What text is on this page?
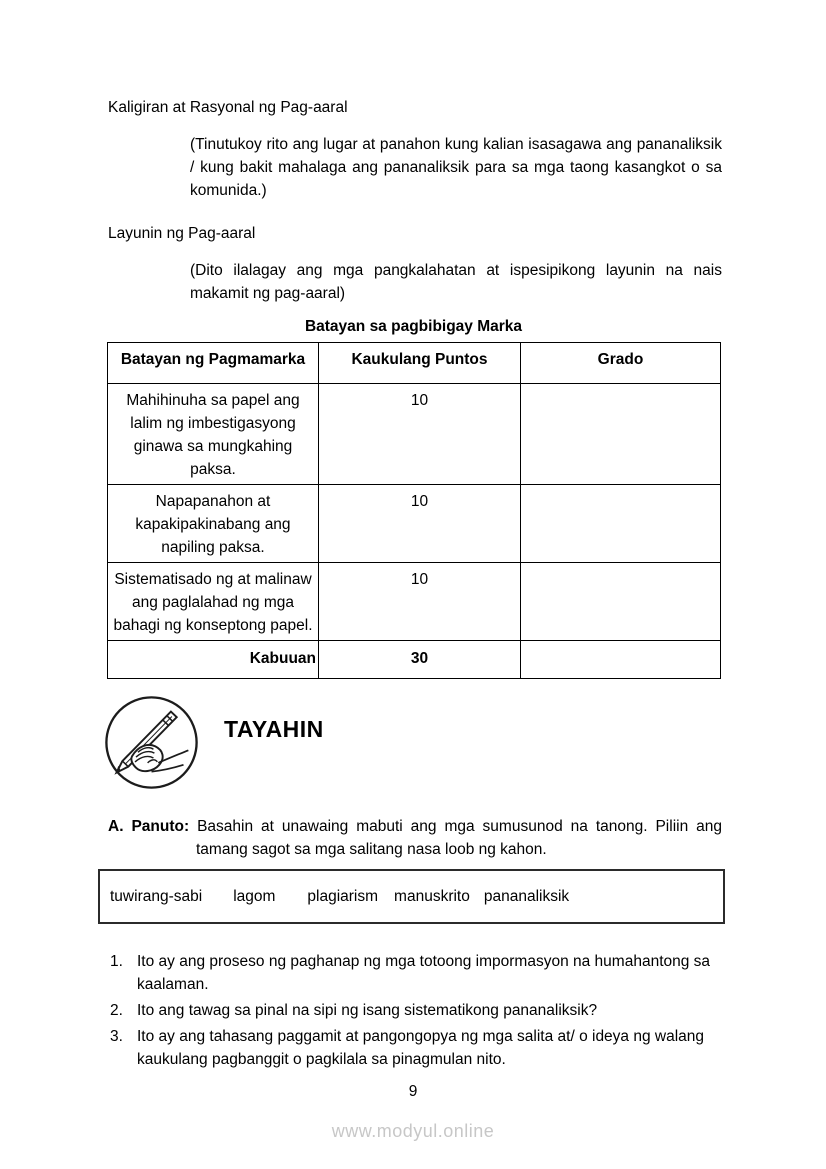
Kaligiran at Rasyonal ng Pag-aaral
(Tinutukoy rito ang lugar at panahon kung kalian isasagawa ang pananaliksik / kung bakit mahalaga ang pananaliksik para sa mga taong kasangkot o sa komunida.)
Layunin ng Pag-aaral
(Dito ilalagay ang mga pangkalahatan at ispesipikong layunin na nais makamit ng pag-aaral)
Batayan sa pagbibigay Marka
Batayan ng Pagmamarka	Kaukulang Puntos	Grado
Mahihinuha sa papel ang lalim ng imbestigasyong ginawa sa mungkahing paksa.	10	
Napapanahon at kapakipakinabang ang napiling paksa.	10	
Sistematisado ng at malinaw ang paglalahad ng mga bahagi ng konseptong papel.	10	
Kabuuan	30	
TAYAHIN
A. Panuto: Basahin at unawaing mabuti ang mga sumusunod na tanong. Piliin ang tamang sagot sa mga salitang nasa loob ng kahon.
tuwirang-sabi lagom plagiarism manuskrito pananaliksik
1. Ito ay ang proseso ng paghanap ng mga totoong impormasyon na humahantong sa kaalaman.
2. Ito ang tawag sa pinal na sipi ng isang sistematikong pananaliksik?
3. Ito ay ang tahasang paggamit at pangongopya ng mga salita at/ o ideya ng walang kaukulang pagbanggit o pagkilala sa pinagmulan nito.
9
www.modyul.online
